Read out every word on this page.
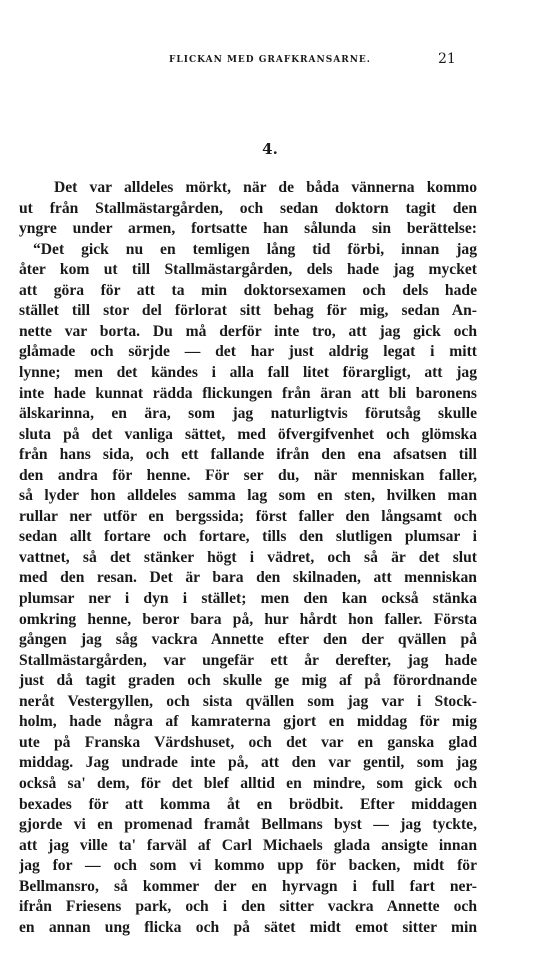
FLICKAN MED GRAFKRANSARNE.	21
4.
Det var alldeles mörkt, när de båda vännerna kommo
ut från Stallmästargården, och sedan doktorn tagit den
yngre under armen, fortsatte han sålunda sin berättelse:
“Det gick nu en temligen lång tid förbi, innan jag
åter kom ut till Stallmästargården, dels hade jag mycket
att göra för att ta min doktorsexamen och dels hade
stället till stor del förlorat sitt behag för mig, sedan An-
nette var borta. Du må derför inte tro, att jag gick och
glåmade och sörjde — det har just aldrig legat i mitt
lynne; men det kändes i alla fall litet förargligt, att jag
inte hade kunnat rädda flickungen från äran att bli baronens
älskarinna, en ära, som jag naturligtvis förutsåg skulle
sluta på det vanliga sättet, med öfvergifvenhet och glömska
från hans sida, och ett fallande ifrån den ena afsatsen till
den andra för henne. För ser du, när menniskan faller,
så lyder hon alldeles samma lag som en sten, hvilken man
rullar ner utför en bergssida; först faller den långsamt och
sedan allt fortare och fortare, tills den slutligen plumsar i
vattnet, så det stänker högt i vädret, och så är det slut
med den resan. Det är bara den skilnaden, att menniskan
plumsar ner i dyn i stället; men den kan också stänka
omkring henne, beror bara på, hur hårdt hon faller. Första
gången jag såg vackra Annette efter den der qvällen på
Stallmästargården, var ungefär ett år derefter, jag hade
just då tagit graden och skulle ge mig af på förordnande
neråt Vestergyllen, och sista qvällen som jag var i Stock-
holm, hade några af kamraterna gjort en middag för mig
ute på Franska Värdshuset, och det var en ganska glad
middag. Jag undrade inte på, att den var gentil, som jag
också sa' dem, för det blef alltid en mindre, som gick och
bexades för att komma åt en brödbit. Efter middagen
gjorde vi en promenad framåt Bellmans byst — jag tyckte,
att jag ville ta' farväl af Carl Michaels glada ansigte innan
jag for — och som vi kommo upp för backen, midt för
Bellmansro, så kommer der en hyrvagn i full fart ner-
ifrån Friesens park, och i den sitter vackra Annette och
en annan ung flicka och på sätet midt emot sitter min
